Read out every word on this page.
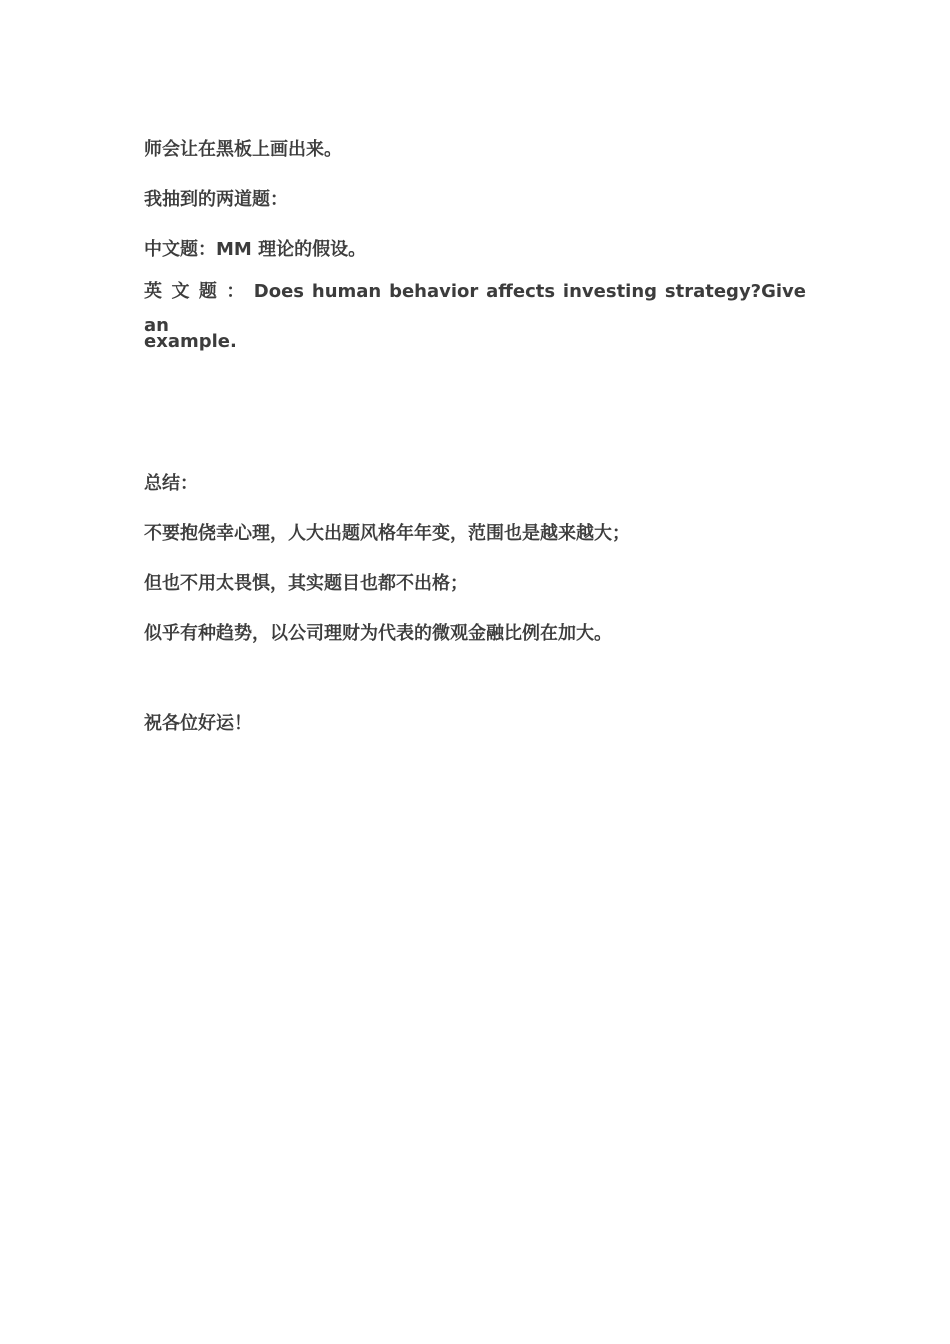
师会让在黑板上画出来。
我抽到的两道题：
中文题：MM 理论的假设。
英 文 题 ： Does human behavior affects investing strategy?Give an
example.
总结：
不要抱侥幸心理，人大出题风格年年变，范围也是越来越大；
但也不用太畏惧，其实题目也都不出格；
似乎有种趋势，以公司理财为代表的微观金融比例在加大。
祝各位好运！
